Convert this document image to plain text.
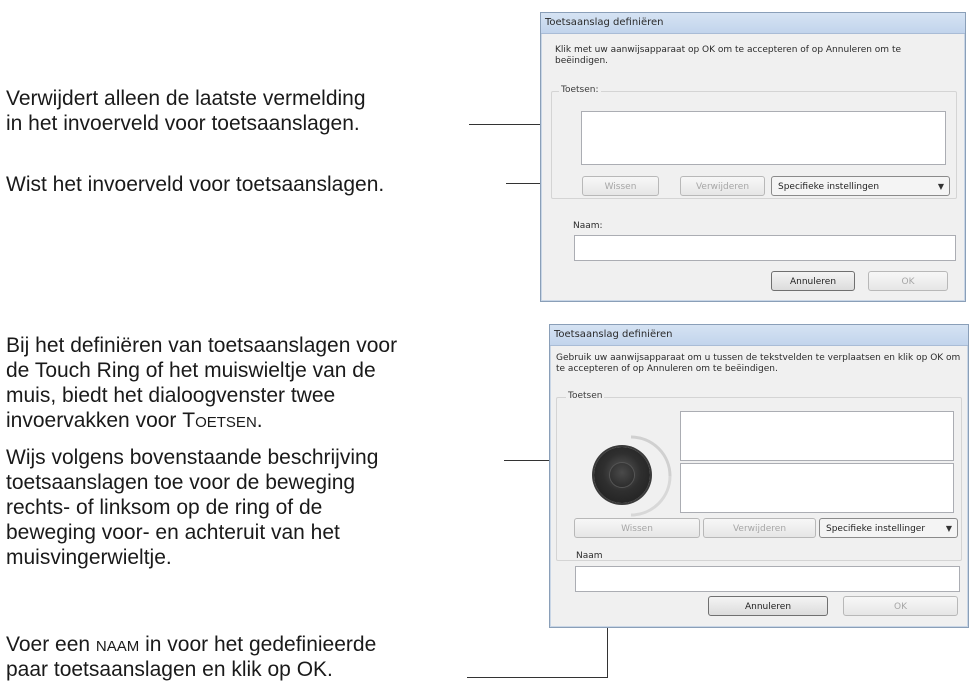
Verwijdert alleen de laatste vermelding
in het invoerveld voor toetsaanslagen.
Wist het invoerveld voor toetsaanslagen.
Bij het definiëren van toetsaanslagen voor
de Touch Ring of het muiswieltje van de
muis, biedt het dialoogvenster twee
invoervakken voor Toetsen.
Wijs volgens bovenstaande beschrijving
toetsaanslagen toe voor de beweging
rechts- of linksom op de ring of de
beweging voor- en achteruit van het
muisvingerwieltje.
Voer een naam in voor het gedefinieerde
paar toetsaanslagen en klik op OK.
Toetsaanslag definiëren
Klik met uw aanwijsapparaat op OK om te accepteren of op Annuleren om te beëindigen.
Toetsen:
Wissen	Verwijderen	Specifieke instellingen	▼
Naam:
Annuleren	OK
Toetsaanslag definiëren
Gebruik uw aanwijsapparaat om u tussen de tekstvelden te verplaatsen en klik op OK om te accepteren of op Annuleren om te beëindigen.
Toetsen
Wissen	Verwijderen	Specifieke instellinger	▼
Naam
Annuleren	OK
